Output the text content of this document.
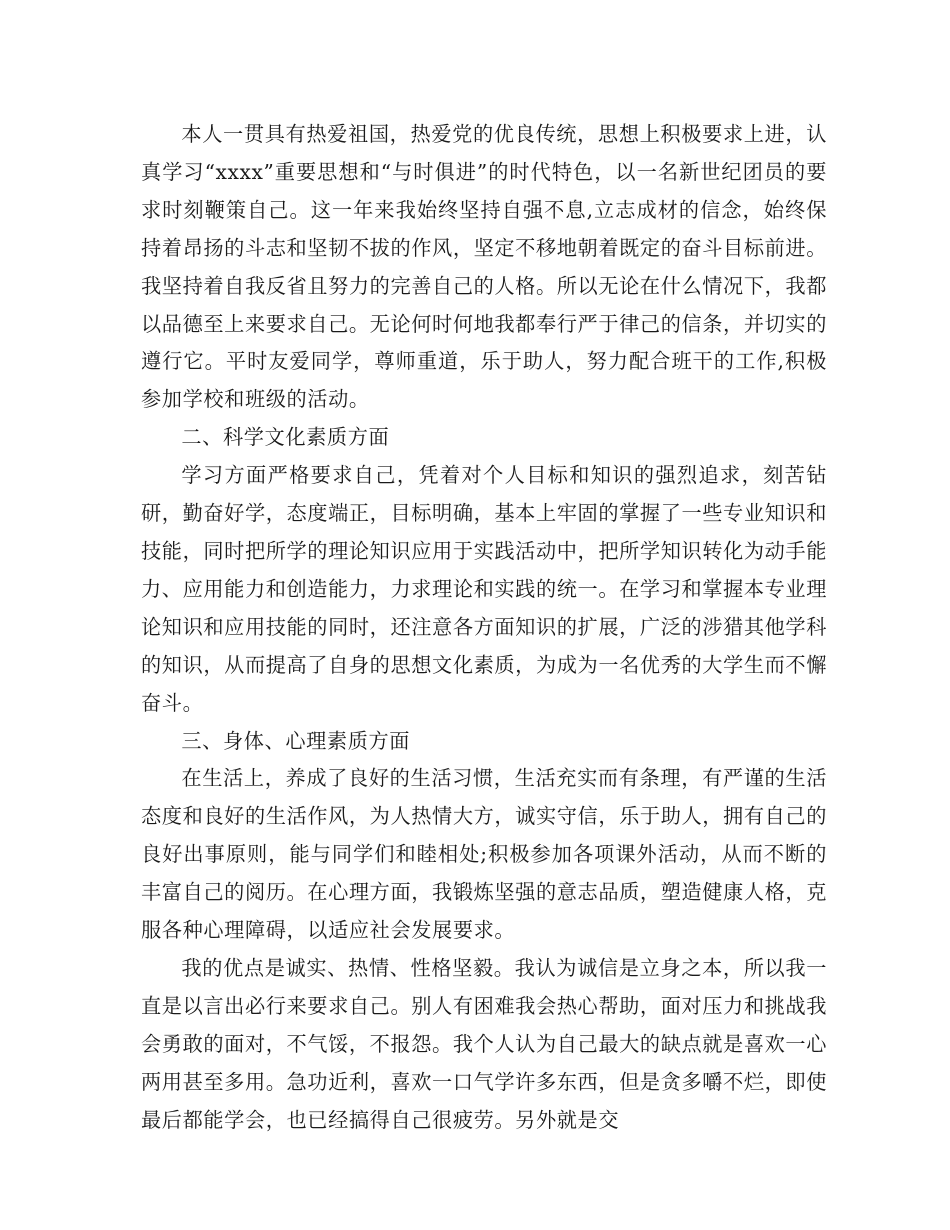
本人一贯具有热爱祖国，热爱党的优良传统，思想上积极要求上进，认真学习“xxxx”重要思想和“与时俱进”的时代特色，以一名新世纪团员的要求时刻鞭策自己。这一年来我始终坚持自强不息,立志成材的信念，始终保持着昂扬的斗志和坚韧不拔的作风，坚定不移地朝着既定的奋斗目标前进。我坚持着自我反省且努力的完善自己的人格。所以无论在什么情况下，我都以品德至上来要求自己。无论何时何地我都奉行严于律己的信条，并切实的遵行它。平时友爱同学，尊师重道，乐于助人，努力配合班干的工作,积极参加学校和班级的活动。

二、科学文化素质方面

学习方面严格要求自己，凭着对个人目标和知识的强烈追求，刻苦钻研，勤奋好学，态度端正，目标明确，基本上牢固的掌握了一些专业知识和技能，同时把所学的理论知识应用于实践活动中，把所学知识转化为动手能力、应用能力和创造能力，力求理论和实践的统一。在学习和掌握本专业理论知识和应用技能的同时，还注意各方面知识的扩展，广泛的涉猎其他学科的知识，从而提高了自身的思想文化素质，为成为一名优秀的大学生而不懈奋斗。

三、身体、心理素质方面

在生活上，养成了良好的生活习惯，生活充实而有条理，有严谨的生活态度和良好的生活作风，为人热情大方，诚实守信，乐于助人，拥有自己的良好出事原则，能与同学们和睦相处;积极参加各项课外活动，从而不断的丰富自己的阅历。在心理方面，我锻炼坚强的意志品质，塑造健康人格，克服各种心理障碍，以适应社会发展要求。

我的优点是诚实、热情、性格坚毅。我认为诚信是立身之本，所以我一直是以言出必行来要求自己。别人有困难我会热心帮助，面对压力和挑战我会勇敢的面对，不气馁，不报怨。我个人认为自己最大的缺点就是喜欢一心两用甚至多用。急功近利，喜欢一口气学许多东西，但是贪多嚼不烂，即使最后都能学会，也已经搞得自己很疲劳。另外就是交
